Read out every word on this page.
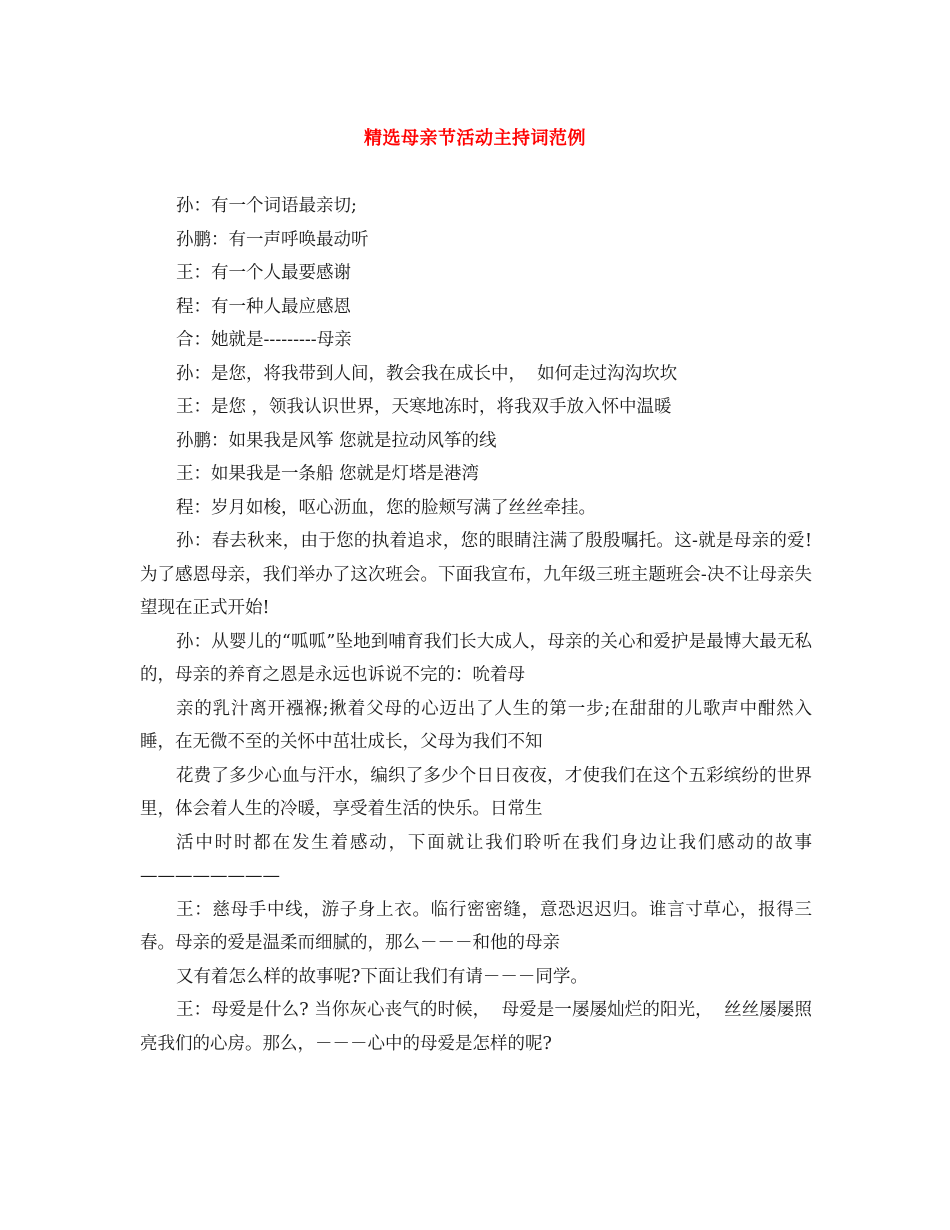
精选母亲节活动主持词范例

孙：有一个词语最亲切;

孙鹏：有一声呼唤最动听

王：有一个人最要感谢

程：有一种人最应感恩

合：她就是---------母亲

孙：是您，将我带到人间，教会我在成长中，  如何走过沟沟坎坎

王：是您 ，领我认识世界，天寒地冻时，将我双手放入怀中温暖

孙鹏：如果我是风筝 您就是拉动风筝的线

王：如果我是一条船 您就是灯塔是港湾

程：岁月如梭，呕心沥血，您的脸颊写满了丝丝牵挂。

孙：春去秋来，由于您的执着追求，您的眼睛注满了殷殷嘱托。这-就是母亲的爱!为了感恩母亲，我们举办了这次班会。下面我宣布，九年级三班主题班会-决不让母亲失望现在正式开始!

孙：从婴儿的“呱呱”坠地到哺育我们长大成人，母亲的关心和爱护是最博大最无私的，母亲的养育之恩是永远也诉说不完的：吮着母

亲的乳汁离开襁褓;揪着父母的心迈出了人生的第一步;在甜甜的儿歌声中酣然入睡，在无微不至的关怀中茁壮成长，父母为我们不知

花费了多少心血与汗水，编织了多少个日日夜夜，才使我们在这个五彩缤纷的世界里，体会着人生的冷暖，享受着生活的快乐。日常生

活中时时都在发生着感动，下面就让我们聆听在我们身边让我们感动的故事————————

王：慈母手中线，游子身上衣。临行密密缝，意恐迟迟归。谁言寸草心，报得三春。母亲的爱是温柔而细腻的，那么－－－和他的母亲

又有着怎么样的故事呢?下面让我们有请－－－同学。

王：母爱是什么? 当你灰心丧气的时候，  母爱是一屡屡灿烂的阳光，  丝丝屡屡照亮我们的心房。那么，－－－心中的母爱是怎样的呢?
